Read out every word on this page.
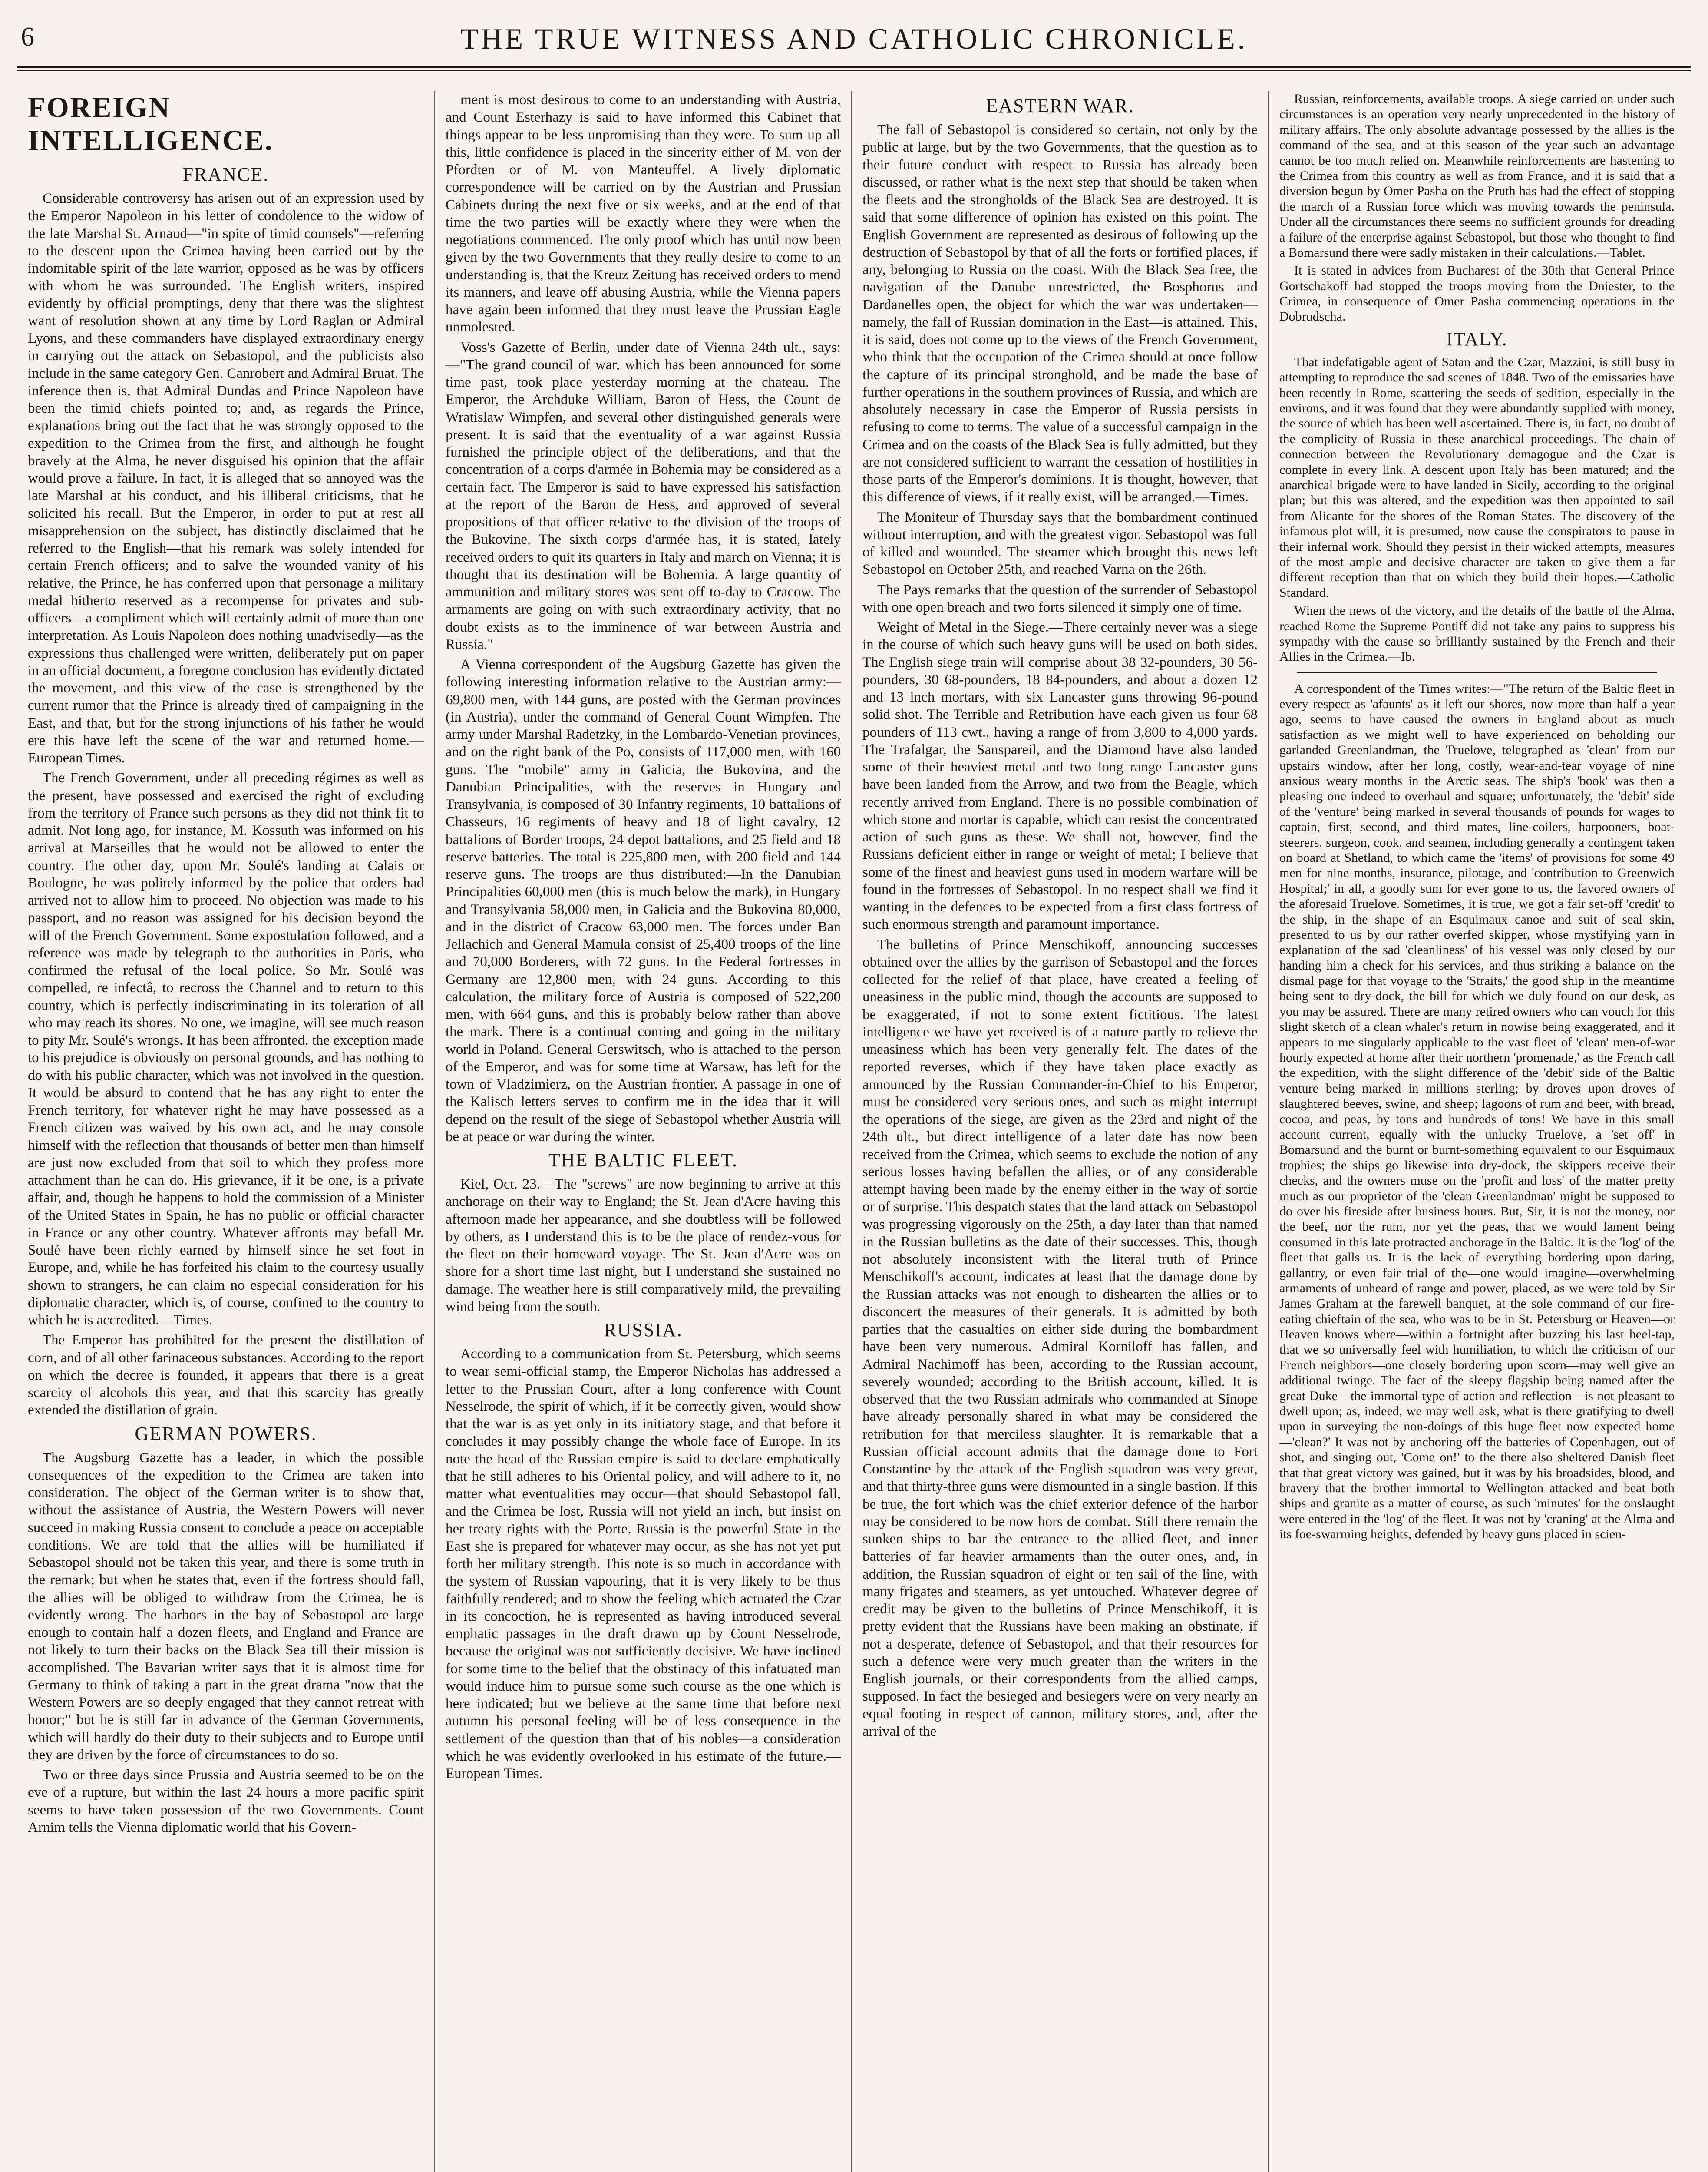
6	THE TRUE WITNESS AND CATHOLIC CHRONICLE.
FOREIGN INTELLIGENCE.
FRANCE.

Considerable controversy has arisen out of an expression used by the Emperor Napoleon in his letter of condolence to the widow of the late Marshal St. Arnaud—"in spite of timid counsels"—referring to the descent upon the Crimea having been carried out by the indomitable spirit of the late warrior, opposed as he was by officers with whom he was surrounded. The English writers, inspired evidently by official promptings, deny that there was the slightest want of resolution shown at any time by Lord Raglan or Admiral Lyons, and these commanders have displayed extraordinary energy in carrying out the attack on Sebastopol, and the publicists also include in the same category Gen. Canrobert and Admiral Bruat. The inference then is, that Admiral Dundas and Prince Napoleon have been the timid chiefs pointed to; and, as regards the Prince, explanations bring out the fact that he was strongly opposed to the expedition to the Crimea from the first, and although he fought bravely at the Alma, he never disguised his opinion that the affair would prove a failure. In fact, it is alleged that so annoyed was the late Marshal at his conduct, and his illiberal criticisms, that he solicited his recall. But the Emperor, in order to put at rest all misapprehension on the subject, has distinctly disclaimed that he referred to the English—that his remark was solely intended for certain French officers; and to salve the wounded vanity of his relative, the Prince, he has conferred upon that personage a military medal hitherto reserved as a recompense for privates and sub-officers—a compliment which will certainly admit of more than one interpretation. As Louis Napoleon does nothing unadvisedly—as the expressions thus challenged were written, deliberately put on paper in an official document, a foregone conclusion has evidently dictated the movement, and this view of the case is strengthened by the current rumor that the Prince is already tired of campaigning in the East, and that, but for the strong injunctions of his father he would ere this have left the scene of the war and returned home.—European Times.

The French Government, under all preceding régimes as well as the present, have possessed and exercised the right of excluding from the territory of France such persons as they did not think fit to admit. Not long ago, for instance, M. Kossuth was informed on his arrival at Marseilles that he would not be allowed to enter the country. The other day, upon Mr. Soulé's landing at Calais or Boulogne, he was politely informed by the police that orders had arrived not to allow him to proceed. No objection was made to his passport, and no reason was assigned for his decision beyond the will of the French Government. Some expostulation followed, and a reference was made by telegraph to the authorities in Paris, who confirmed the refusal of the local police. So Mr. Soulé was compelled, re infectâ, to recross the Channel and to return to this country, which is perfectly indiscriminating in its toleration of all who may reach its shores. No one, we imagine, will see much reason to pity Mr. Soulé's wrongs. It has been affronted, the exception made to his prejudice is obviously on personal grounds, and has nothing to do with his public character, which was not involved in the question. It would be absurd to contend that he has any right to enter the French territory, for whatever right he may have possessed as a French citizen was waived by his own act, and he may console himself with the reflection that thousands of better men than himself are just now excluded from that soil to which they profess more attachment than he can do. His grievance, if it be one, is a private affair, and, though he happens to hold the commission of a Minister of the United States in Spain, he has no public or official character in France or any other country. Whatever affronts may befall Mr. Soulé have been richly earned by himself since he set foot in Europe, and, while he has forfeited his claim to the courtesy usually shown to strangers, he can claim no especial consideration for his diplomatic character, which is, of course, confined to the country to which he is accredited.—Times.

The Emperor has prohibited for the present the distillation of corn, and of all other farinaceous substances. According to the report on which the decree is founded, it appears that there is a great scarcity of alcohols this year, and that this scarcity has greatly extended the distillation of grain.

GERMAN POWERS.

The Augsburg Gazette has a leader, in which the possible consequences of the expedition to the Crimea are taken into consideration. The object of the German writer is to show that, without the assistance of Austria, the Western Powers will never succeed in making Russia consent to conclude a peace on acceptable conditions. We are told that the allies will be humiliated if Sebastopol should not be taken this year, and there is some truth in the remark; but when he states that, even if the fortress should fall, the allies will be obliged to withdraw from the Crimea, he is evidently wrong. The harbors in the bay of Sebastopol are large enough to contain half a dozen fleets, and England and France are not likely to turn their backs on the Black Sea till their mission is accomplished. The Bavarian writer says that it is almost time for Germany to think of taking a part in the great drama "now that the Western Powers are so deeply engaged that they cannot retreat with honor;" but he is still far in advance of the German Governments, which will hardly do their duty to their subjects and to Europe until they are driven by the force of circumstances to do so.

Two or three days since Prussia and Austria seemed to be on the eve of a rupture, but within the last 24 hours a more pacific spirit seems to have taken possession of the two Governments. Count Arnim tells the Vienna diplomatic world that his Govern-

ment is most desirous to come to an understanding with Austria, and Count Esterhazy is said to have informed this Cabinet that things appear to be less unpromising than they were. To sum up all this, little confidence is placed in the sincerity either of M. von der Pfordten or of M. von Manteuffel. A lively diplomatic correspondence will be carried on by the Austrian and Prussian Cabinets during the next five or six weeks, and at the end of that time the two parties will be exactly where they were when the negotiations commenced. The only proof which has until now been given by the two Governments that they really desire to come to an understanding is, that the Kreuz Zeitung has received orders to mend its manners, and leave off abusing Austria, while the Vienna papers have again been informed that they must leave the Prussian Eagle unmolested.

Voss's Gazette of Berlin, under date of Vienna 24th ult., says:—"The grand council of war, which has been announced for some time past, took place yesterday morning at the chateau. The Emperor, the Archduke William, Baron of Hess, the Count de Wratislaw Wimpfen, and several other distinguished generals were present. It is said that the eventuality of a war against Russia furnished the principle object of the deliberations, and that the concentration of a corps d'armée in Bohemia may be considered as a certain fact. The Emperor is said to have expressed his satisfaction at the report of the Baron de Hess, and approved of several propositions of that officer relative to the division of the troops of the Bukovine. The sixth corps d'armée has, it is stated, lately received orders to quit its quarters in Italy and march on Vienna; it is thought that its destination will be Bohemia. A large quantity of ammunition and military stores was sent off to-day to Cracow. The armaments are going on with such extraordinary activity, that no doubt exists as to the imminence of war between Austria and Russia."

A Vienna correspondent of the Augsburg Gazette has given the following interesting information relative to the Austrian army:—69,800 men, with 144 guns, are posted with the German provinces (in Austria), under the command of General Count Wimpfen. The army under Marshal Radetzky, in the Lombardo-Venetian provinces, and on the right bank of the Po, consists of 117,000 men, with 160 guns. The "mobile" army in Galicia, the Bukovina, and the Danubian Principalities, with the reserves in Hungary and Transylvania, is composed of 30 Infantry regiments, 10 battalions of Chasseurs, 16 regiments of heavy and 18 of light cavalry, 12 battalions of Border troops, 24 depot battalions, and 25 field and 18 reserve batteries. The total is 225,800 men, with 200 field and 144 reserve guns. The troops are thus distributed:—In the Danubian Principalities 60,000 men (this is much below the mark), in Hungary and Transylvania 58,000 men, in Galicia and the Bukovina 80,000, and in the district of Cracow 63,000 men. The forces under Ban Jellachich and General Mamula consist of 25,400 troops of the line and 70,000 Borderers, with 72 guns. In the Federal fortresses in Germany are 12,800 men, with 24 guns. According to this calculation, the military force of Austria is composed of 522,200 men, with 664 guns, and this is probably below rather than above the mark. There is a continual coming and going in the military world in Poland. General Gerswitsch, who is attached to the person of the Emperor, and was for some time at Warsaw, has left for the town of Vladzimierz, on the Austrian frontier. A passage in one of the Kalisch letters serves to confirm me in the idea that it will depend on the result of the siege of Sebastopol whether Austria will be at peace or war during the winter.

THE BALTIC FLEET.

Kiel, Oct. 23.—The "screws" are now beginning to arrive at this anchorage on their way to England; the St. Jean d'Acre having this afternoon made her appearance, and she doubtless will be followed by others, as I understand this is to be the place of rendez-vous for the fleet on their homeward voyage. The St. Jean d'Acre was on shore for a short time last night, but I understand she sustained no damage. The weather here is still comparatively mild, the prevailing wind being from the south.

RUSSIA.

According to a communication from St. Petersburg, which seems to wear semi-official stamp, the Emperor Nicholas has addressed a letter to the Prussian Court, after a long conference with Count Nesselrode, the spirit of which, if it be correctly given, would show that the war is as yet only in its initiatory stage, and that before it concludes it may possibly change the whole face of Europe. In its note the head of the Russian empire is said to declare emphatically that he still adheres to his Oriental policy, and will adhere to it, no matter what eventualities may occur—that should Sebastopol fall, and the Crimea be lost, Russia will not yield an inch, but insist on her treaty rights with the Porte. Russia is the powerful State in the East she is prepared for whatever may occur, as she has not yet put forth her military strength. This note is so much in accordance with the system of Russian vapouring, that it is very likely to be thus faithfully rendered; and to show the feeling which actuated the Czar in its concoction, he is represented as having introduced several emphatic passages in the draft drawn up by Count Nesselrode, because the original was not sufficiently decisive. We have inclined for some time to the belief that the obstinacy of this infatuated man would induce him to pursue some such course as the one which is here indicated; but we believe at the same time that before next autumn his personal feeling will be of less consequence in the settlement of the question than that of his nobles—a consideration which he was evidently overlooked in his estimate of the future.—European Times.

EASTERN WAR.

The fall of Sebastopol is considered so certain, not only by the public at large, but by the two Governments, that the question as to their future conduct with respect to Russia has already been discussed, or rather what is the next step that should be taken when the fleets and the strongholds of the Black Sea are destroyed. It is said that some difference of opinion has existed on this point. The English Government are represented as desirous of following up the destruction of Sebastopol by that of all the forts or fortified places, if any, belonging to Russia on the coast. With the Black Sea free, the navigation of the Danube unrestricted, the Bosphorus and Dardanelles open, the object for which the war was undertaken—namely, the fall of Russian domination in the East—is attained. This, it is said, does not come up to the views of the French Government, who think that the occupation of the Crimea should at once follow the capture of its principal stronghold, and be made the base of further operations in the southern provinces of Russia, and which are absolutely necessary in case the Emperor of Russia persists in refusing to come to terms. The value of a successful campaign in the Crimea and on the coasts of the Black Sea is fully admitted, but they are not considered sufficient to warrant the cessation of hostilities in those parts of the Emperor's dominions. It is thought, however, that this difference of views, if it really exist, will be arranged.—Times.

The Moniteur of Thursday says that the bombardment continued without interruption, and with the greatest vigor. Sebastopol was full of killed and wounded. The steamer which brought this news left Sebastopol on October 25th, and reached Varna on the 26th.

The Pays remarks that the question of the surrender of Sebastopol with one open breach and two forts silenced it simply one of time.

Weight of Metal in the Siege.—There certainly never was a siege in the course of which such heavy guns will be used on both sides. The English siege train will comprise about 38 32-pounders, 30 56-pounders, 30 68-pounders, 18 84-pounders, and about a dozen 12 and 13 inch mortars, with six Lancaster guns throwing 96-pound solid shot. The Terrible and Retribution have each given us four 68 pounders of 113 cwt., having a range of from 3,800 to 4,000 yards. The Trafalgar, the Sanspareil, and the Diamond have also landed some of their heaviest metal and two long range Lancaster guns have been landed from the Arrow, and two from the Beagle, which recently arrived from England. There is no possible combination of which stone and mortar is capable, which can resist the concentrated action of such guns as these. We shall not, however, find the Russians deficient either in range or weight of metal; I believe that some of the finest and heaviest guns used in modern warfare will be found in the fortresses of Sebastopol. In no respect shall we find it wanting in the defences to be expected from a first class fortress of such enormous strength and paramount importance.

The bulletins of Prince Menschikoff, announcing successes obtained over the allies by the garrison of Sebastopol and the forces collected for the relief of that place, have created a feeling of uneasiness in the public mind, though the accounts are supposed to be exaggerated, if not to some extent fictitious. The latest intelligence we have yet received is of a nature partly to relieve the uneasiness which has been very generally felt. The dates of the reported reverses, which if they have taken place exactly as announced by the Russian Commander-in-Chief to his Emperor, must be considered very serious ones, and such as might interrupt the operations of the siege, are given as the 23rd and night of the 24th ult., but direct intelligence of a later date has now been received from the Crimea, which seems to exclude the notion of any serious losses having befallen the allies, or of any considerable attempt having been made by the enemy either in the way of sortie or of surprise. This despatch states that the land attack on Sebastopol was progressing vigorously on the 25th, a day later than that named in the Russian bulletins as the date of their successes. This, though not absolutely inconsistent with the literal truth of Prince Menschikoff's account, indicates at least that the damage done by the Russian attacks was not enough to dishearten the allies or to disconcert the measures of their generals. It is admitted by both parties that the casualties on either side during the bombardment have been very numerous. Admiral Korniloff has fallen, and Admiral Nachimoff has been, according to the Russian account, severely wounded; according to the British account, killed. It is observed that the two Russian admirals who commanded at Sinope have already personally shared in what may be considered the retribution for that merciless slaughter. It is remarkable that a Russian official account admits that the damage done to Fort Constantine by the attack of the English squadron was very great, and that thirty-three guns were dismounted in a single bastion. If this be true, the fort which was the chief exterior defence of the harbor may be considered to be now hors de combat. Still there remain the sunken ships to bar the entrance to the allied fleet, and inner batteries of far heavier armaments than the outer ones, and, in addition, the Russian squadron of eight or ten sail of the line, with many frigates and steamers, as yet untouched. Whatever degree of credit may be given to the bulletins of Prince Menschikoff, it is pretty evident that the Russians have been making an obstinate, if not a desperate, defence of Sebastopol, and that their resources for such a defence were very much greater than the writers in the English journals, or their correspondents from the allied camps, supposed. In fact the besieged and besiegers were on very nearly an equal footing in respect of cannon, military stores, and, after the arrival of the

Russian, reinforcements, available troops. A siege carried on under such circumstances is an operation very nearly unprecedented in the history of military affairs. The only absolute advantage possessed by the allies is the command of the sea, and at this season of the year such an advantage cannot be too much relied on. Meanwhile reinforcements are hastening to the Crimea from this country as well as from France, and it is said that a diversion begun by Omer Pasha on the Pruth has had the effect of stopping the march of a Russian force which was moving towards the peninsula. Under all the circumstances there seems no sufficient grounds for dreading a failure of the enterprise against Sebastopol, but those who thought to find a Bomarsund there were sadly mistaken in their calculations.—Tablet.

It is stated in advices from Bucharest of the 30th that General Prince Gortschakoff had stopped the troops moving from the Dniester, to the Crimea, in consequence of Omer Pasha commencing operations in the Dobrudscha.

ITALY.

That indefatigable agent of Satan and the Czar, Mazzini, is still busy in attempting to reproduce the sad scenes of 1848. Two of the emissaries have been recently in Rome, scattering the seeds of sedition, especially in the environs, and it was found that they were abundantly supplied with money, the source of which has been well ascertained. There is, in fact, no doubt of the complicity of Russia in these anarchical proceedings. The chain of connection between the Revolutionary demagogue and the Czar is complete in every link. A descent upon Italy has been matured; and the anarchical brigade were to have landed in Sicily, according to the original plan; but this was altered, and the expedition was then appointed to sail from Alicante for the shores of the Roman States. The discovery of the infamous plot will, it is presumed, now cause the conspirators to pause in their infernal work. Should they persist in their wicked attempts, measures of the most ample and decisive character are taken to give them a far different reception than that on which they build their hopes.—Catholic Standard.

When the news of the victory, and the details of the battle of the Alma, reached Rome the Supreme Pontiff did not take any pains to suppress his sympathy with the cause so brilliantly sustained by the French and their Allies in the Crimea.—Ib.

A correspondent of the Times writes:—"The return of the Baltic fleet in every respect as 'afaunts' as it left our shores, now more than half a year ago, seems to have caused the owners in England about as much satisfaction as we might well to have experienced on beholding our garlanded Greenlandman, the Truelove, telegraphed as 'clean' from our upstairs window, after her long, costly, wear-and-tear voyage of nine anxious weary months in the Arctic seas. The ship's 'book' was then a pleasing one indeed to overhaul and square; unfortunately, the 'debit' side of the 'venture' being marked in several thousands of pounds for wages to captain, first, second, and third mates, line-coilers, harpooners, boat-steerers, surgeon, cook, and seamen, including generally a contingent taken on board at Shetland, to which came the 'items' of provisions for some 49 men for nine months, insurance, pilotage, and 'contribution to Greenwich Hospital;' in all, a goodly sum for ever gone to us, the favored owners of the aforesaid Truelove. Sometimes, it is true, we got a fair set-off 'credit' to the ship, in the shape of an Esquimaux canoe and suit of seal skin, presented to us by our rather overfed skipper, whose mystifying yarn in explanation of the sad 'cleanliness' of his vessel was only closed by our handing him a check for his services, and thus striking a balance on the dismal page for that voyage to the 'Straits,' the good ship in the meantime being sent to dry-dock, the bill for which we duly found on our desk, as you may be assured. There are many retired owners who can vouch for this slight sketch of a clean whaler's return in nowise being exaggerated, and it appears to me singularly applicable to the vast fleet of 'clean' men-of-war hourly expected at home after their northern 'promenade,' as the French call the expedition, with the slight difference of the 'debit' side of the Baltic venture being marked in millions sterling; by droves upon droves of slaughtered beeves, swine, and sheep; lagoons of rum and beer, with bread, cocoa, and peas, by tons and hundreds of tons! We have in this small account current, equally with the unlucky Truelove, a 'set off' in Bomarsund and the burnt or burnt-something equivalent to our Esquimaux trophies; the ships go likewise into dry-dock, the skippers receive their checks, and the owners muse on the 'profit and loss' of the matter pretty much as our proprietor of the 'clean Greenlandman' might be supposed to do over his fireside after business hours. But, Sir, it is not the money, nor the beef, nor the rum, nor yet the peas, that we would lament being consumed in this late protracted anchorage in the Baltic. It is the 'log' of the fleet that galls us. It is the lack of everything bordering upon daring, gallantry, or even fair trial of the—one would imagine—overwhelming armaments of unheard of range and power, placed, as we were told by Sir James Graham at the farewell banquet, at the sole command of our fire-eating chieftain of the sea, who was to be in St. Petersburg or Heaven—or Heaven knows where—within a fortnight after buzzing his last heel-tap, that we so universally feel with humiliation, to which the criticism of our French neighbors—one closely bordering upon scorn—may well give an additional twinge. The fact of the sleepy flagship being named after the great Duke—the immortal type of action and reflection—is not pleasant to dwell upon; as, indeed, we may well ask, what is there gratifying to dwell upon in surveying the non-doings of this huge fleet now expected home—'clean?' It was not by anchoring off the batteries of Copenhagen, out of shot, and singing out, 'Come on!' to the there also sheltered Danish fleet that that great victory was gained, but it was by his broadsides, blood, and bravery that the brother immortal to Wellington attacked and beat both ships and granite as a matter of course, as such 'minutes' for the onslaught were entered in the 'log' of the fleet. It was not by 'craning' at the Alma and its foe-swarming heights, defended by heavy guns placed in scien-
